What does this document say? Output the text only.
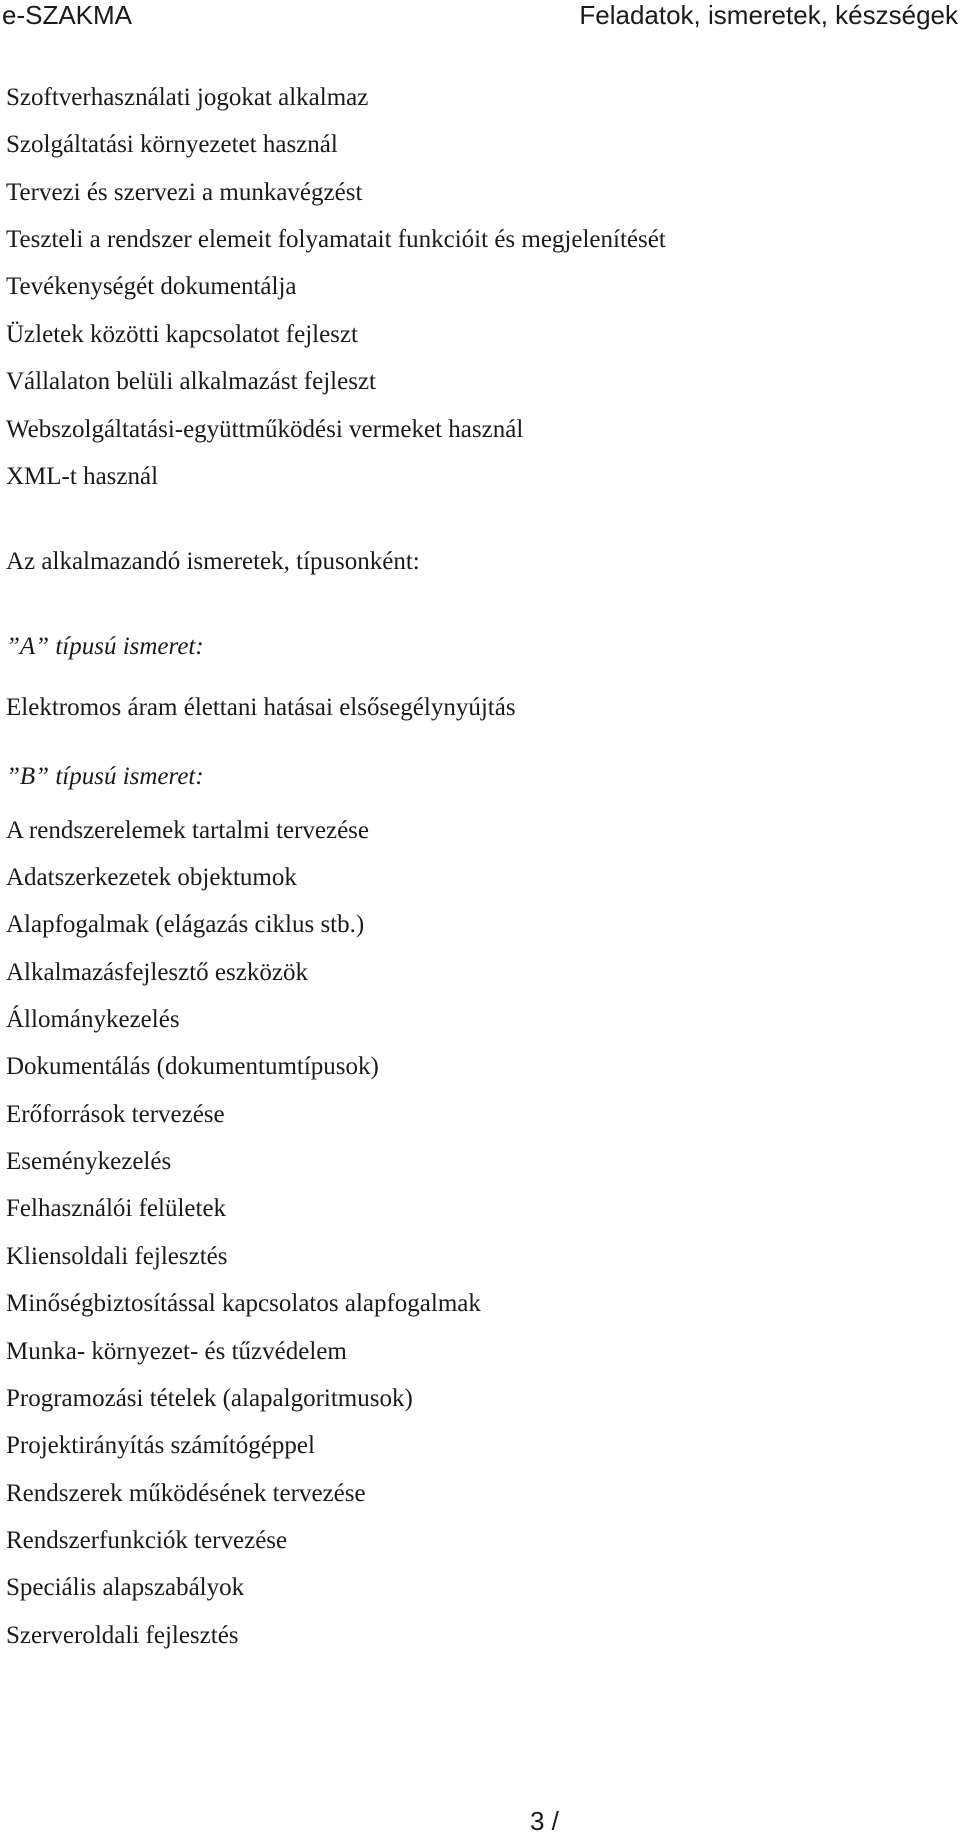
e-SZAKMA	Feladatok, ismeretek, készségek
Szoftverhasználati jogokat alkalmaz
Szolgáltatási környezetet használ
Tervezi és szervezi a munkavégzést
Teszteli a rendszer elemeit folyamatait funkcióit és megjelenítését
Tevékenységét dokumentálja
Üzletek közötti kapcsolatot fejleszt
Vállalaton belüli alkalmazást fejleszt
Webszolgáltatási-együttműködési vermeket használ
XML-t használ
Az alkalmazandó ismeretek, típusonként:
”A” típusú ismeret:
Elektromos áram élettani hatásai elsősegélynyújtás
”B” típusú ismeret:
A rendszerelemek tartalmi tervezése
Adatszerkezetek objektumok
Alapfogalmak (elágazás ciklus stb.)
Alkalmazásfejlesztő eszközök
Állománykezelés
Dokumentálás (dokumentumtípusok)
Erőforrások tervezése
Eseménykezelés
Felhasználói felületek
Kliensoldali fejlesztés
Minőségbiztosítással kapcsolatos alapfogalmak
Munka- környezet- és tűzvédelem
Programozási tételek (alapalgoritmusok)
Projektirányítás számítógéppel
Rendszerek működésének tervezése
Rendszerfunkciók tervezése
Speciális alapszabályok
Szerveroldali fejlesztés
3 /
